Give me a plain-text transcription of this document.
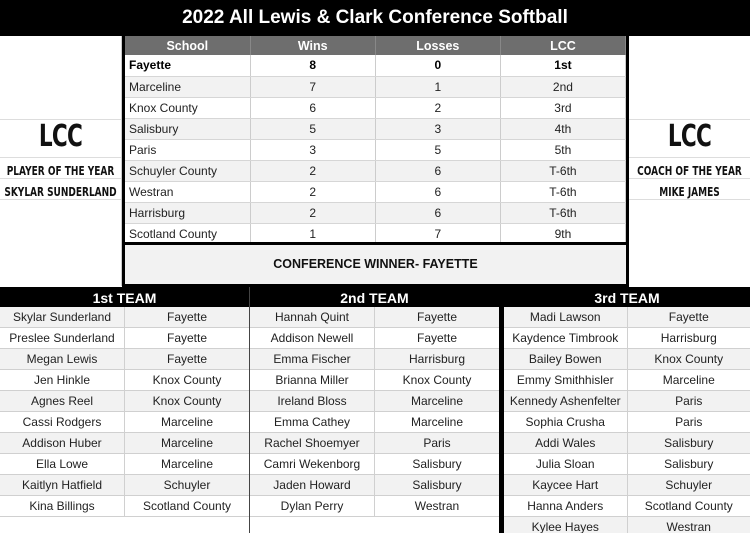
2022 All Lewis & Clark Conference Softball
LCC
PLAYER OF THE YEAR
SKYLAR SUNDERLAND
LCC
COACH OF THE YEAR
MIKE JAMES
School	Wins	Losses	LCC
Fayette	8	0	1st
Marceline	7	1	2nd
Knox County	6	2	3rd
Salisbury	5	3	4th
Paris	3	5	5th
Schuyler County	2	6	T-6th
Westran	2	6	T-6th
Harrisburg	2	6	T-6th
Scotland County	1	7	9th
CONFERENCE WINNER- FAYETTE
1st TEAM
Skylar Sunderland	Fayette
Preslee Sunderland	Fayette
Megan Lewis	Fayette
Jen Hinkle	Knox County
Agnes Reel	Knox County
Cassi Rodgers	Marceline
Addison Huber	Marceline
Ella Lowe	Marceline
Kaitlyn Hatfield	Schuyler
Kina Billings	Scotland County
2nd TEAM
Hannah Quint	Fayette
Addison Newell	Fayette
Emma Fischer	Harrisburg
Brianna Miller	Knox County
Ireland Bloss	Marceline
Emma Cathey	Marceline
Rachel Shoemyer	Paris
Camri Wekenborg	Salisbury
Jaden Howard	Salisbury
Dylan Perry	Westran
3rd TEAM
Madi Lawson	Fayette
Kaydence Timbrook	Harrisburg
Bailey Bowen	Knox County
Emmy Smithhisler	Marceline
Kennedy Ashenfelter	Paris
Sophia Crusha	Paris
Addi Wales	Salisbury
Julia Sloan	Salisbury
Kaycee Hart	Schuyler
Hanna Anders	Scotland County
Kylee Hayes	Westran
